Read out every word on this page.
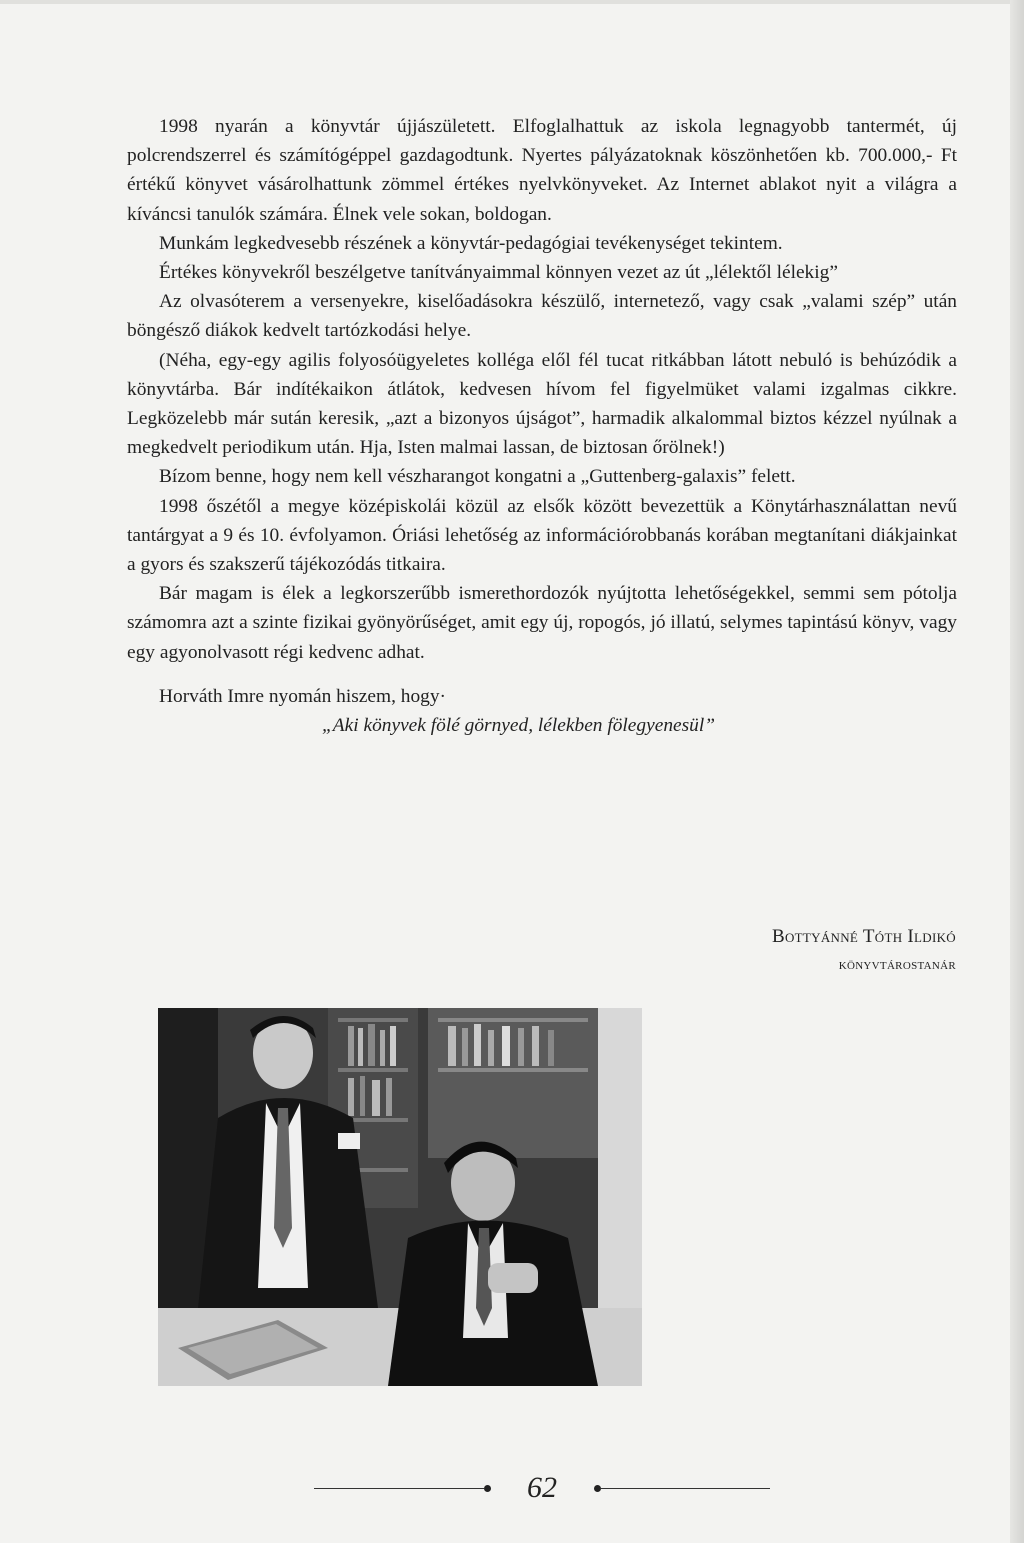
1998 nyarán a könyvtár újjászületett. Elfoglalhattuk az iskola legnagyobb tantermét, új polcrendszerrel és számítógéppel gazdagodtunk. Nyertes pályázatoknak köszönhetően kb. 700.000,- Ft értékű könyvet vásárolhattunk zömmel értékes nyelvkönyveket. Az Internet ablakot nyit a világra a kíváncsi tanulók számára. Élnek vele sokan, boldogan.

Munkám legkedvesebb részének a könyvtár-pedagógiai tevékenységet tekintem.

Értékes könyvekről beszélgetve tanítványaimmal könnyen vezet az út „lélektől lélekig”

Az olvasóterem a versenyekre, kiselőadásokra készülő, internetező, vagy csak „valami szép” után böngésző diákok kedvelt tartózkodási helye.

(Néha, egy-egy agilis folyosóügyeletes kolléga elől fél tucat ritkábban látott nebuló is behúzódik a könyvtárba. Bár indítékaikon átlátok, kedvesen hívom fel figyelmüket valami izgalmas cikkre. Legközelebb már sután keresik, „azt a bizonyos újságot”, harmadik alkalommal biztos kézzel nyúlnak a megkedvelt periodikum után. Hja, Isten malmai lassan, de biztosan őrölnek!)

Bízom benne, hogy nem kell vészharangot kongatni a „Guttenberg-galaxis” felett.

1998 őszétől a megye középiskolái közül az elsők között bevezettük a Könytárhasználattan nevű tantárgyat a 9 és 10. évfolyamon. Óriási lehetőség az információrobbanás korában megtanítani diákjainkat a gyors és szakszerű tájékozódás titkaira.

Bár magam is élek a legkorszerűbb ismerethordozók nyújtotta lehetőségekkel, semmi sem pótolja számomra azt a szinte fizikai gyönyörűséget, amit egy új, ropogós, jó illatú, selymes tapintású könyv, vagy egy agyonolvasott régi kedvenc adhat.

Horváth Imre nyomán hiszem, hogy·

„Aki könyvek fölé görnyed, lélekben fölegyenesül”

Bottyánné Tóth Ildikó
könyvtárostanár
62
